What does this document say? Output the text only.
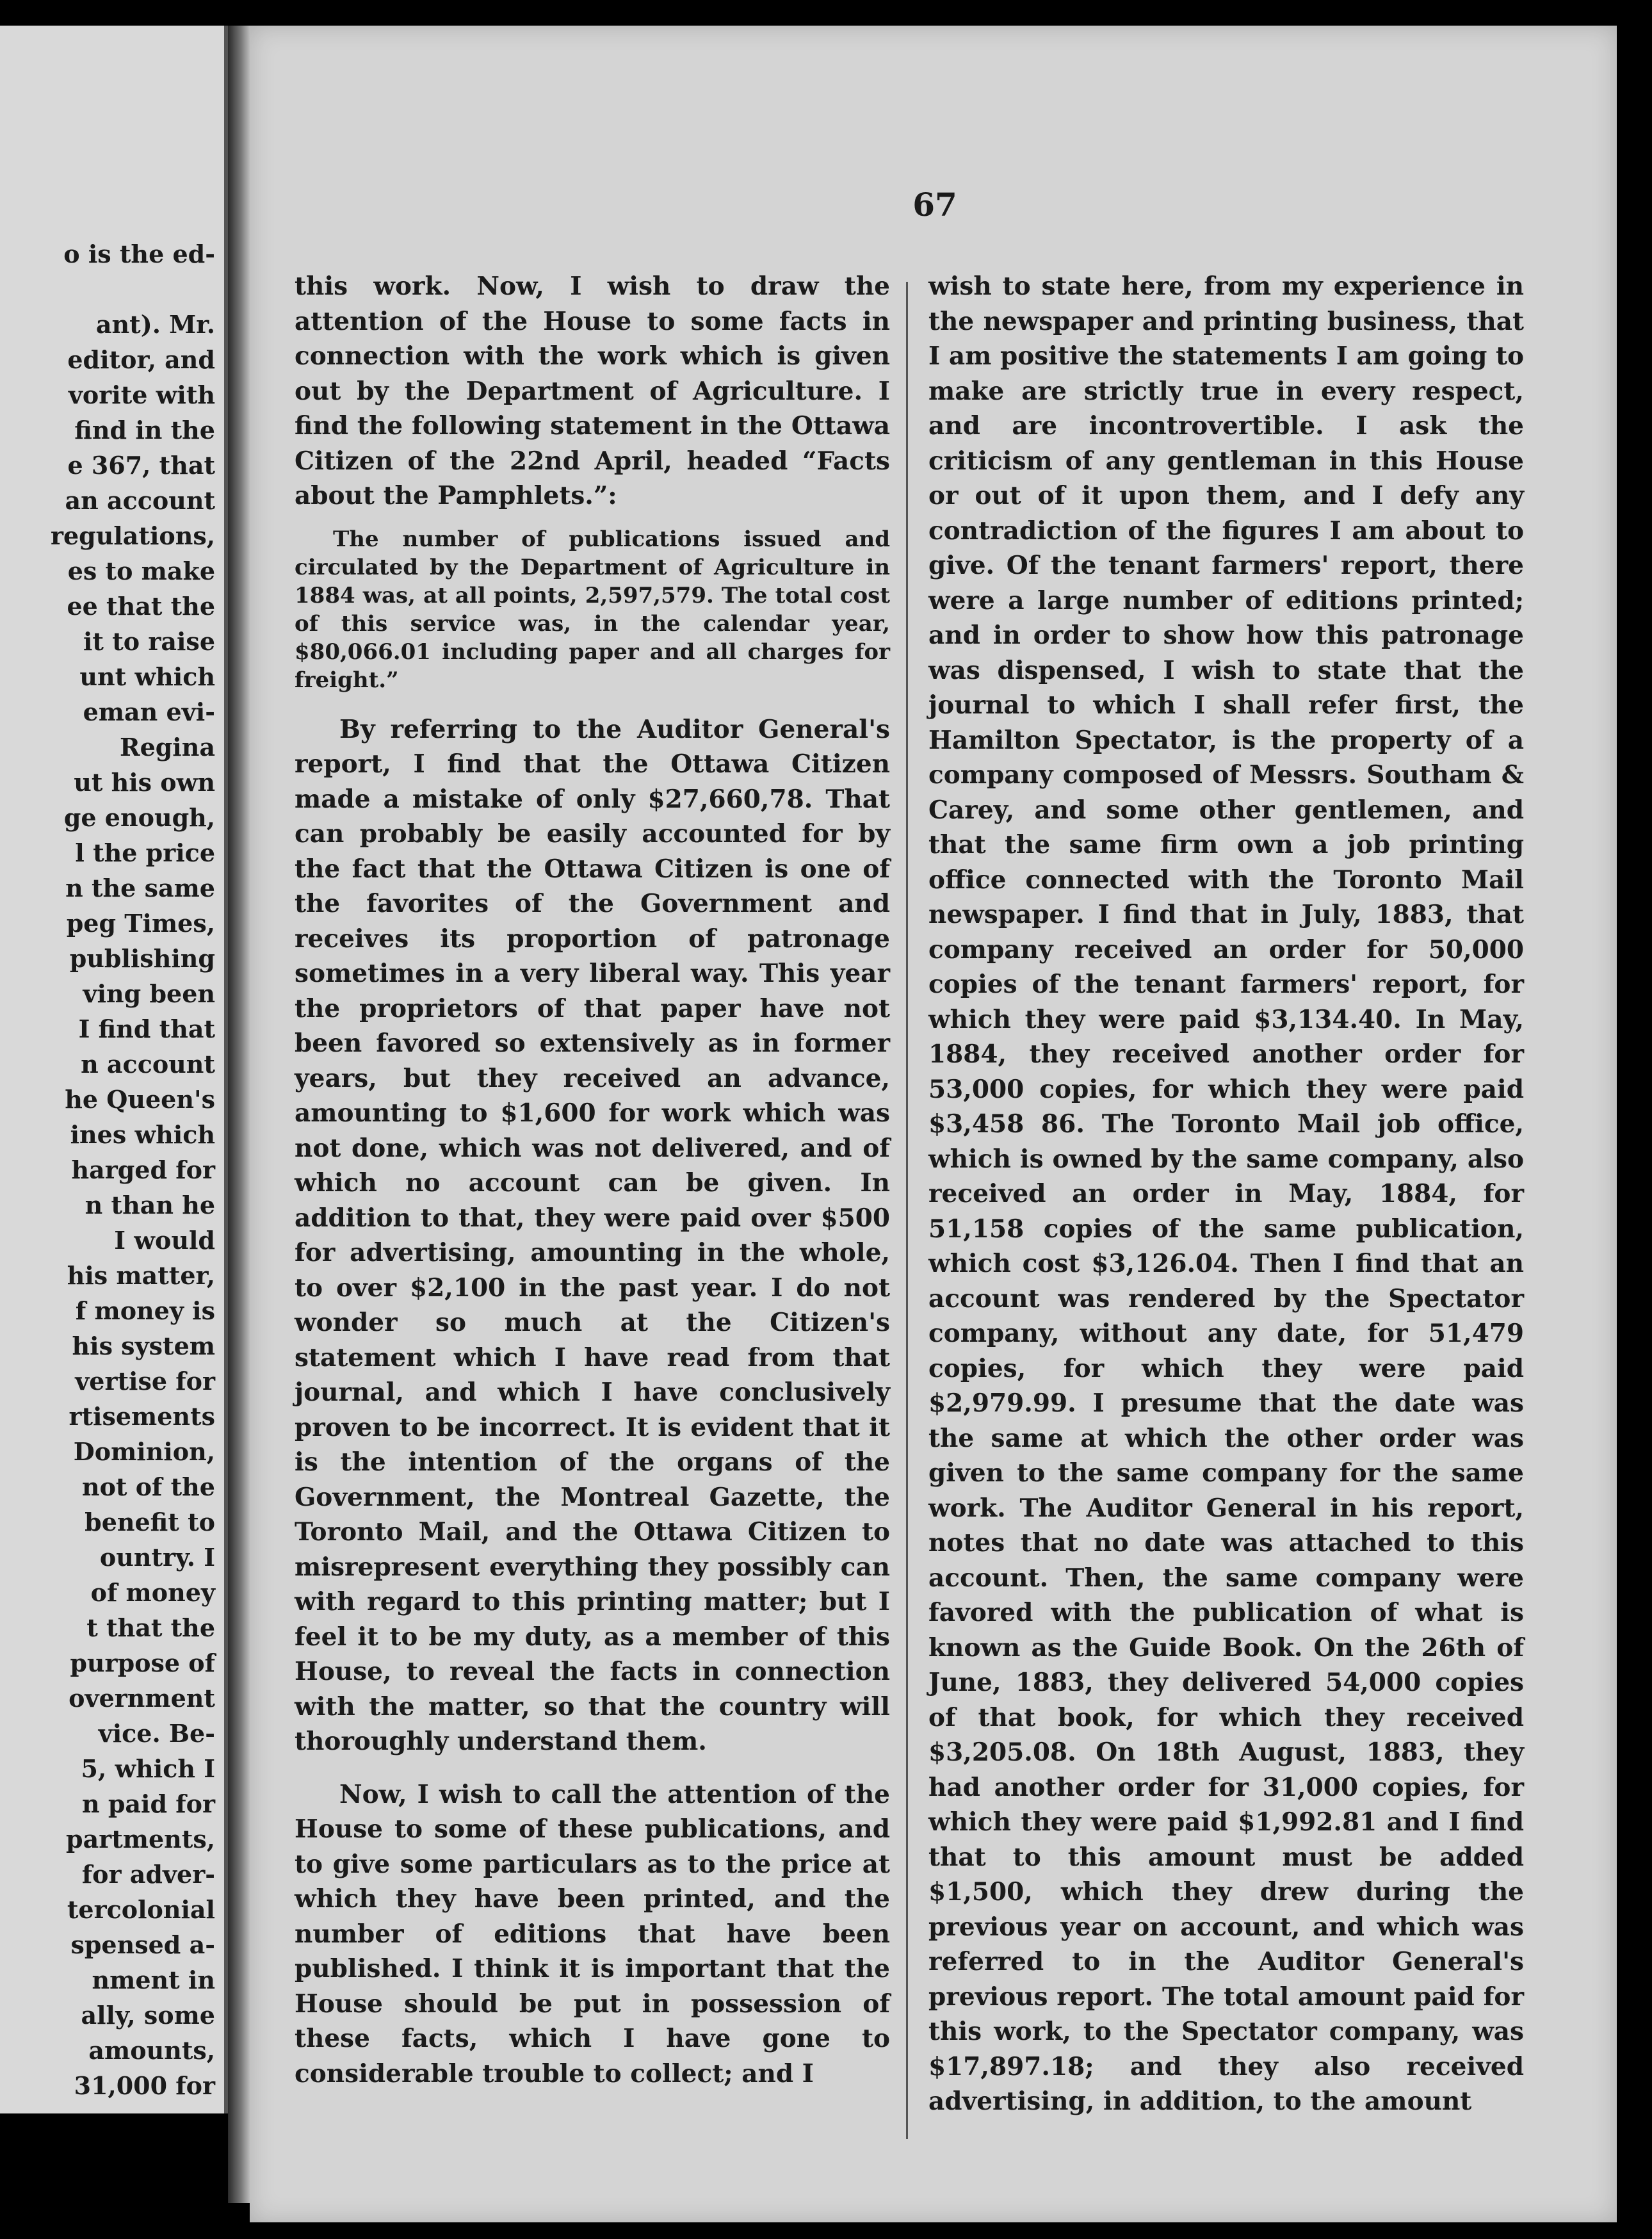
o is the ed-

ant). Mr.

editor, and

vorite with

find in the

e 367, that

an account

regulations,

es to make

ee that the

it to raise

unt which

eman evi-

Regina

ut his own

ge enough,

l the price

n the same

peg Times,

publishing

ving been

I find that

n account

he Queen's

ines which

harged for

n than he

I would

his matter,

f money is

his system

vertise for

rtisements

Dominion,

not of the

benefit to

ountry. I

of money

t that the

purpose of

overnment

vice. Be-

5, which I

n paid for

partments,

for adver-

tercolonial

spensed a-

nment in

ally, some

amounts,

31,000 for

67

this work. Now, I wish to draw the attention of the House to some facts in connection with the work which is given out by the Department of Agriculture. I find the following statement in the Ottawa Citizen of the 22nd April, headed “Facts about the Pamphlets.”:

The number of publications issued and circulated by the Department of Agriculture in 1884 was, at all points, 2,597,579. The total cost of this service was, in the calendar year, $80,066.01 including paper and all charges for freight.”

By referring to the Auditor General's report, I find that the Ottawa Citizen made a mistake of only $27,660,78. That can probably be easily accounted for by the fact that the Ottawa Citizen is one of the favorites of the Government and receives its proportion of patronage sometimes in a very liberal way. This year the proprietors of that paper have not been favored so extensively as in former years, but they received an advance, amounting to $1,600 for work which was not done, which was not delivered, and of which no account can be given. In addition to that, they were paid over $500 for advertising, amounting in the whole, to over $2,100 in the past year. I do not wonder so much at the Citizen's statement which I have read from that journal, and which I have conclusively proven to be incorrect. It is evident that it is the intention of the organs of the Government, the Montreal Gazette, the Toronto Mail, and the Ottawa Citizen to misrepresent everything they possibly can with regard to this printing matter; but I feel it to be my duty, as a member of this House, to reveal the facts in connection with the matter, so that the country will thoroughly understand them.

Now, I wish to call the attention of the House to some of these publications, and to give some particulars as to the price at which they have been printed, and the number of editions that have been published. I think it is important that the House should be put in possession of these facts, which I have gone to considerable trouble to collect; and I

wish to state here, from my experience in the newspaper and printing business, that I am positive the statements I am going to make are strictly true in every respect, and are incontrovertible. I ask the criticism of any gentleman in this House or out of it upon them, and I defy any contradiction of the figures I am about to give. Of the tenant farmers' report, there were a large number of editions printed; and in order to show how this patronage was dispensed, I wish to state that the journal to which I shall refer first, the Hamilton Spectator, is the property of a company composed of Messrs. Southam & Carey, and some other gentlemen, and that the same firm own a job printing office connected with the Toronto Mail newspaper. I find that in July, 1883, that company received an order for 50,000 copies of the tenant farmers' report, for which they were paid $3,134.40. In May, 1884, they received another order for 53,000 copies, for which they were paid $3,458 86. The Toronto Mail job office, which is owned by the same company, also received an order in May, 1884, for 51,158 copies of the same publication, which cost $3,126.04. Then I find that an account was rendered by the Spectator company, without any date, for 51,479 copies, for which they were paid $2,979.99. I presume that the date was the same at which the other order was given to the same company for the same work. The Auditor General in his report, notes that no date was attached to this account. Then, the same company were favored with the publication of what is known as the Guide Book. On the 26th of June, 1883, they delivered 54,000 copies of that book, for which they received $3,205.08. On 18th August, 1883, they had another order for 31,000 copies, for which they were paid $1,992.81 and I find that to this amount must be added $1,500, which they drew during the previous year on account, and which was referred to in the Auditor General's previous report. The total amount paid for this work, to the Spectator company, was $17,897.18; and they also received advertising, in addition, to the amount
